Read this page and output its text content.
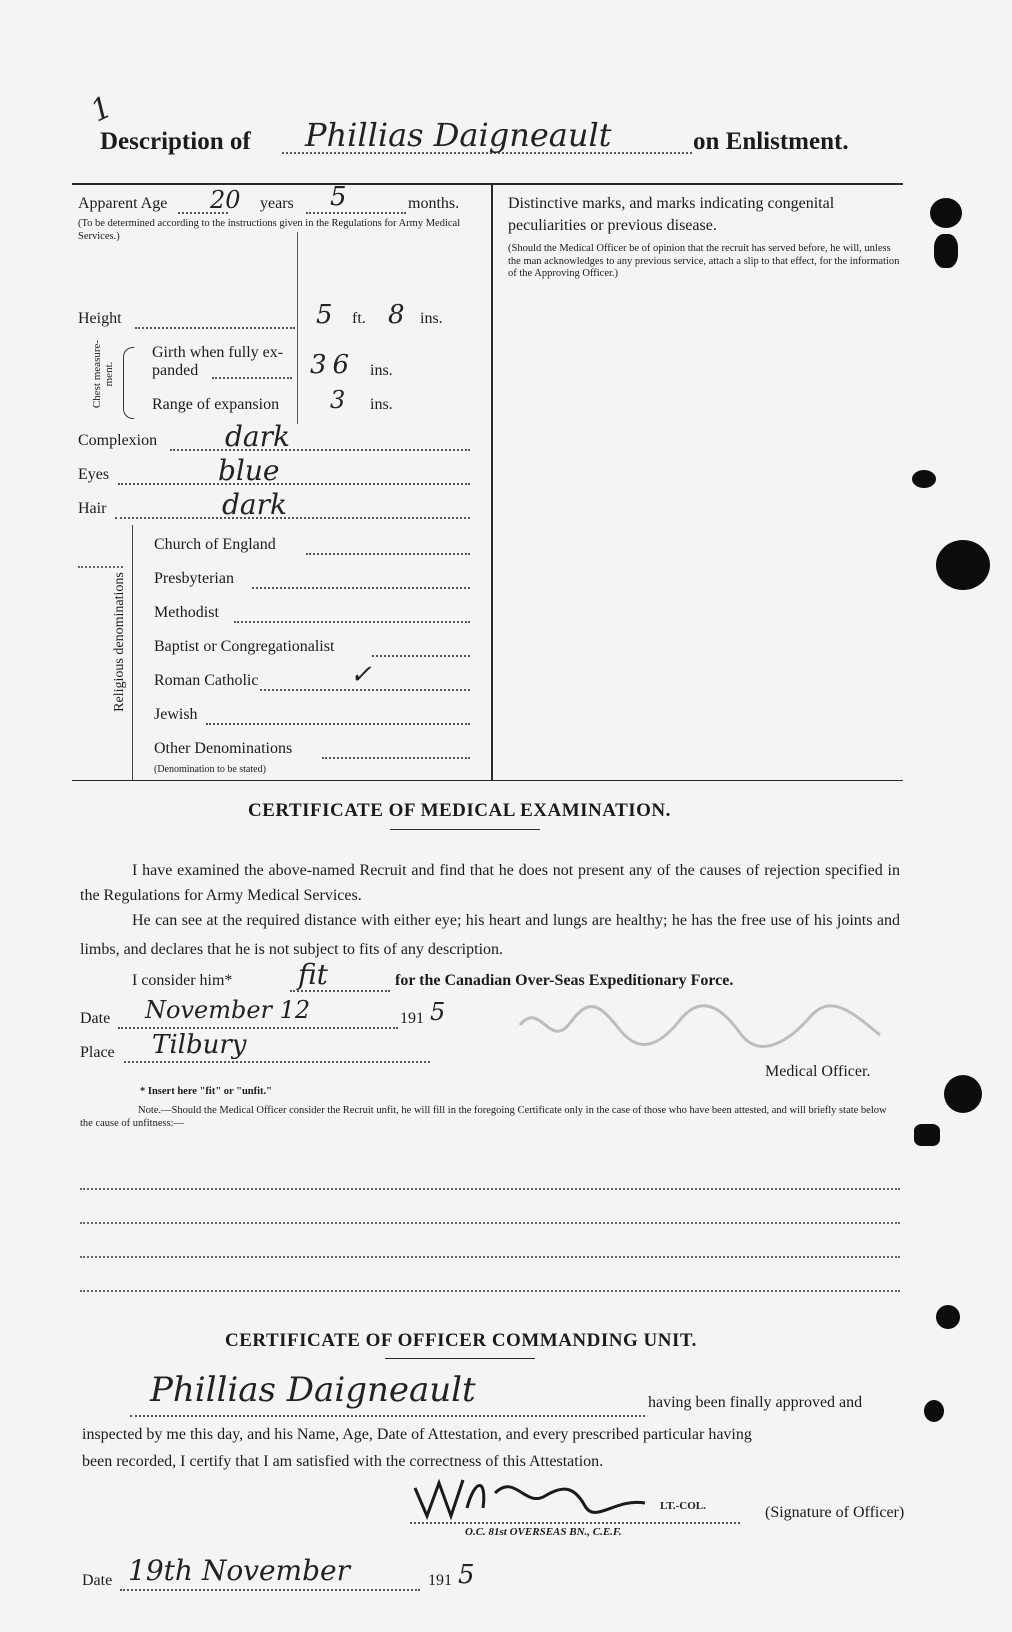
1
Description of Phillias Daigneault	on Enlistment.
Apparent Age 20 years 5	months.
(To be determined according to the instructions given in the Regulations for Army Medical Services.)
Height	5 ft. 8 ins.
Chest measure-ment.
Girth when fully ex-
panded	36 ins.
Range of expansion 3 ins.
Complexion dark
Eyes	blue
Hair	dark
Religious denominations
Church of England
Presbyterian
Methodist
Baptist or Congregationalist
Roman Catholic	✓
Jewish
Other Denominations
(Denomination to be stated)
Distinctive marks, and marks indicating congenital peculiarities or previous disease.
(Should the Medical Officer be of opinion that the recruit has served before, he will, unless the man acknowledges to any previous service, attach a slip to that effect, for the information of the Approving Officer.)
CERTIFICATE OF MEDICAL EXAMINATION.
I have examined the above-named Recruit and find that he does not present any of the causes of rejection specified in the Regulations for Army Medical Services.
He can see at the required distance with either eye; his heart and lungs are healthy; he has the free use of his joints and limbs, and declares that he is not subject to fits of any description.
I consider him* fit	for the Canadian Over-Seas Expeditionary Force.
Date November 12	191 5
Place Tilbury
Medical Officer.
* Insert here "fit" or "unfit."
Note.—Should the Medical Officer consider the Recruit unfit, he will fill in the foregoing Certificate only in the case of those who have been attested, and will briefly state below the cause of unfitness:—
CERTIFICATE OF OFFICER COMMANDING UNIT.
Phillias Daigneault	having been finally approved and
inspected by me this day, and his Name, Age, Date of Attestation, and every prescribed particular having
been recorded, I certify that I am satisfied with the correctness of this Attestation.
LT.-COL.	(Signature of Officer)
O.C. 81st OVERSEAS BN., C.E.F.
Date 19th November	191 5
